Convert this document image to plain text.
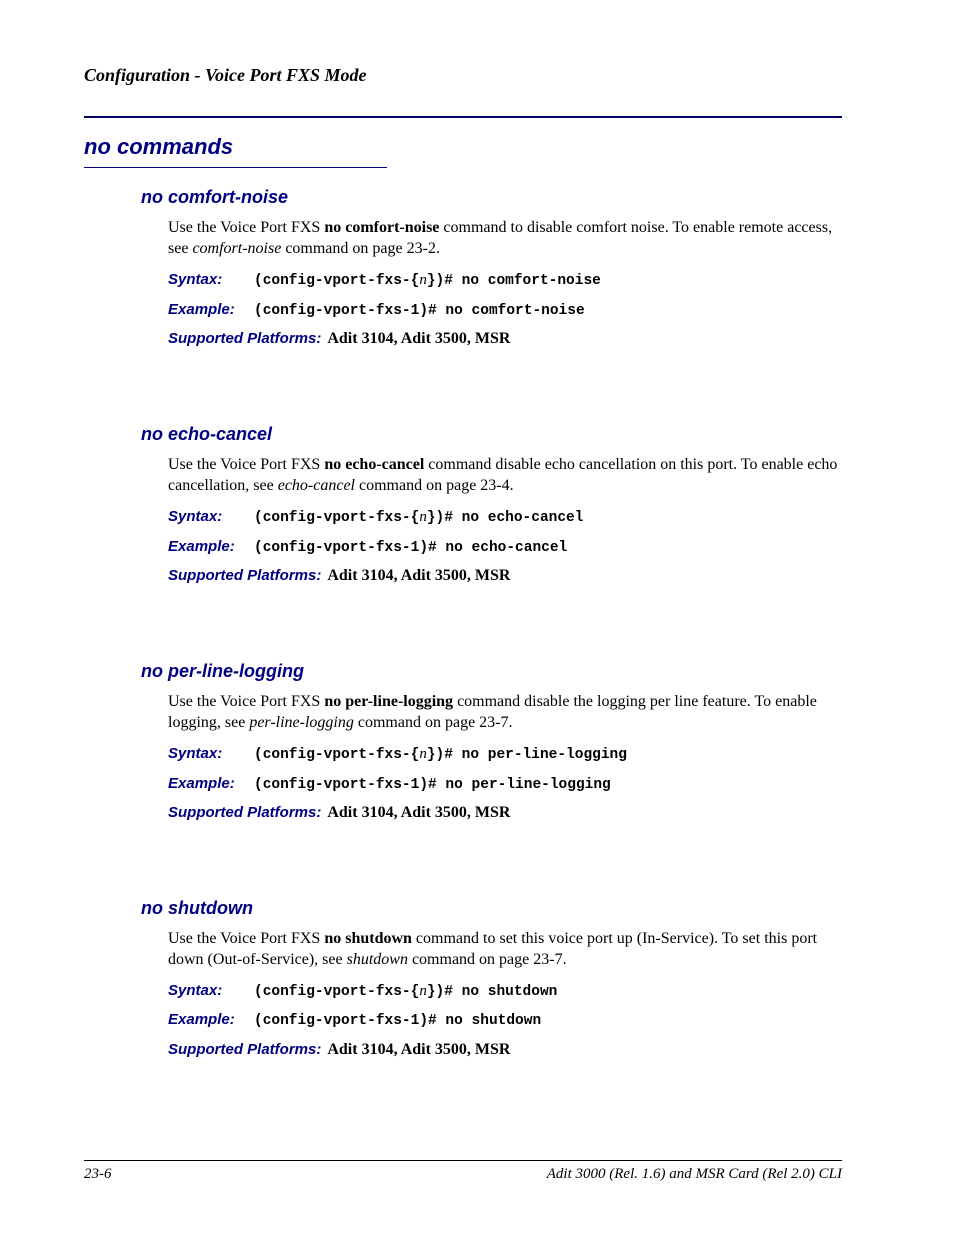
Configuration - Voice Port FXS Mode
no commands
no comfort-noise
Use the Voice Port FXS no comfort-noise command to disable comfort noise. To enable remote access, see comfort-noise command on page 23-2.
Syntax: (config-vport-fxs-{n})# no comfort-noise
Example: (config-vport-fxs-1)# no comfort-noise
Supported Platforms: Adit 3104, Adit 3500, MSR
no echo-cancel
Use the Voice Port FXS no echo-cancel command disable echo cancellation on this port. To enable echo cancellation, see echo-cancel command on page 23-4.
Syntax: (config-vport-fxs-{n})# no echo-cancel
Example: (config-vport-fxs-1)# no echo-cancel
Supported Platforms: Adit 3104, Adit 3500, MSR
no per-line-logging
Use the Voice Port FXS no per-line-logging command disable the logging per line feature. To enable logging, see per-line-logging command on page 23-7.
Syntax: (config-vport-fxs-{n})# no per-line-logging
Example: (config-vport-fxs-1)# no per-line-logging
Supported Platforms: Adit 3104, Adit 3500, MSR
no shutdown
Use the Voice Port FXS no shutdown command to set this voice port up (In-Service). To set this port down (Out-of-Service), see shutdown command on page 23-7.
Syntax: (config-vport-fxs-{n})# no shutdown
Example: (config-vport-fxs-1)# no shutdown
Supported Platforms: Adit 3104, Adit 3500, MSR
23-6	Adit 3000 (Rel. 1.6) and MSR Card (Rel 2.0) CLI
